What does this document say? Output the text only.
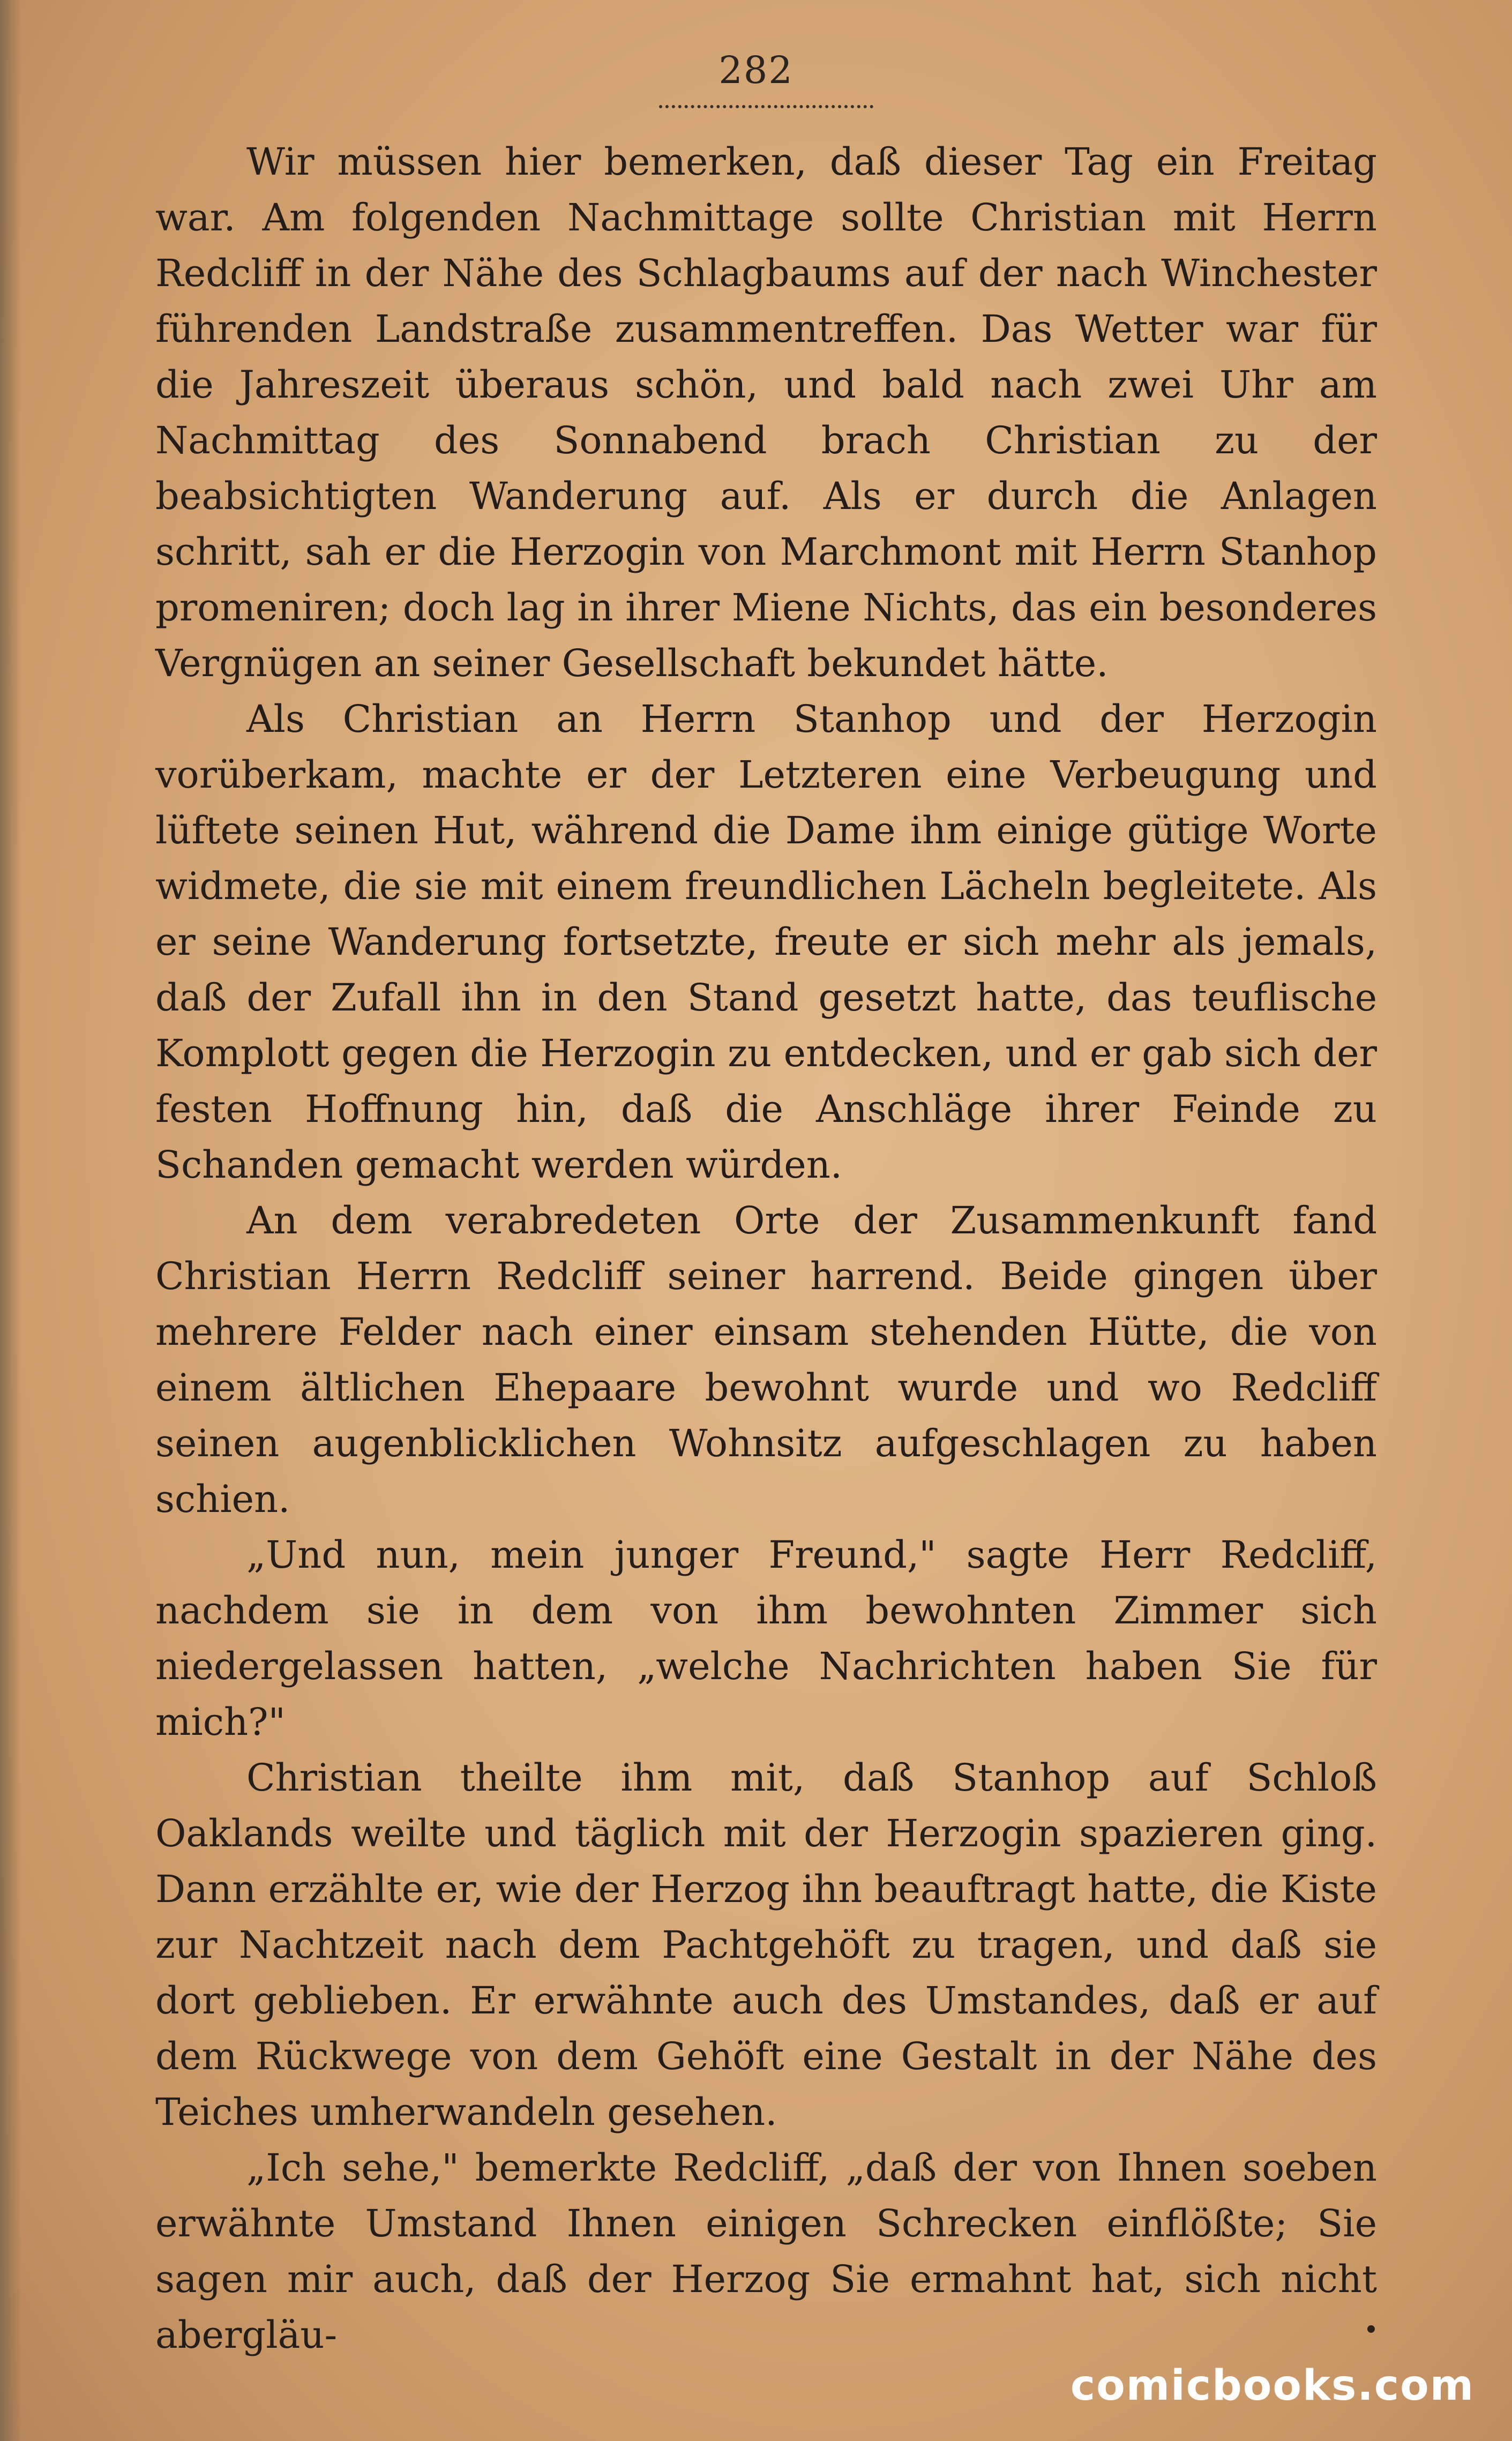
282

Wir müssen hier bemerken, daß dieser Tag ein Freitag war. Am folgenden Nachmittage sollte Christian mit Herrn Redcliff in der Nähe des Schlagbaums auf der nach Winchester führenden Landstraße zusammentreffen. Das Wetter war für die Jahreszeit überaus schön, und bald nach zwei Uhr am Nachmittag des Sonnabend brach Christian zu der beabsichtigten Wanderung auf. Als er durch die Anlagen schritt, sah er die Herzogin von Marchmont mit Herrn Stanhop promeniren; doch lag in ihrer Miene Nichts, das ein besonderes Vergnügen an seiner Gesellschaft bekundet hätte.

Als Christian an Herrn Stanhop und der Herzogin vorüberkam, machte er der Letzteren eine Verbeugung und lüftete seinen Hut, während die Dame ihm einige gütige Worte widmete, die sie mit einem freundlichen Lächeln begleitete. Als er seine Wanderung fortsetzte, freute er sich mehr als jemals, daß der Zufall ihn in den Stand gesetzt hatte, das teuflische Komplott gegen die Herzogin zu entdecken, und er gab sich der festen Hoffnung hin, daß die Anschläge ihrer Feinde zu Schanden gemacht werden würden.

An dem verabredeten Orte der Zusammenkunft fand Christian Herrn Redcliff seiner harrend. Beide gingen über mehrere Felder nach einer einsam stehenden Hütte, die von einem ältlichen Ehepaare bewohnt wurde und wo Redcliff seinen augenblicklichen Wohnsitz aufgeschlagen zu haben schien.

„Und nun, mein junger Freund," sagte Herr Redcliff, nachdem sie in dem von ihm bewohnten Zimmer sich niedergelassen hatten, „welche Nachrichten haben Sie für mich?"

Christian theilte ihm mit, daß Stanhop auf Schloß Oaklands weilte und täglich mit der Herzogin spazieren ging. Dann erzählte er, wie der Herzog ihn beauftragt hatte, die Kiste zur Nachtzeit nach dem Pachtgehöft zu tragen, und daß sie dort geblieben. Er erwähnte auch des Umstandes, daß er auf dem Rückwege von dem Gehöft eine Gestalt in der Nähe des Teiches umherwandeln gesehen.

„Ich sehe," bemerkte Redcliff, „daß der von Ihnen soeben erwähnte Umstand Ihnen einigen Schrecken einflößte; Sie sagen mir auch, daß der Herzog Sie ermahnt hat, sich nicht abergläu-

comicbooks.com
